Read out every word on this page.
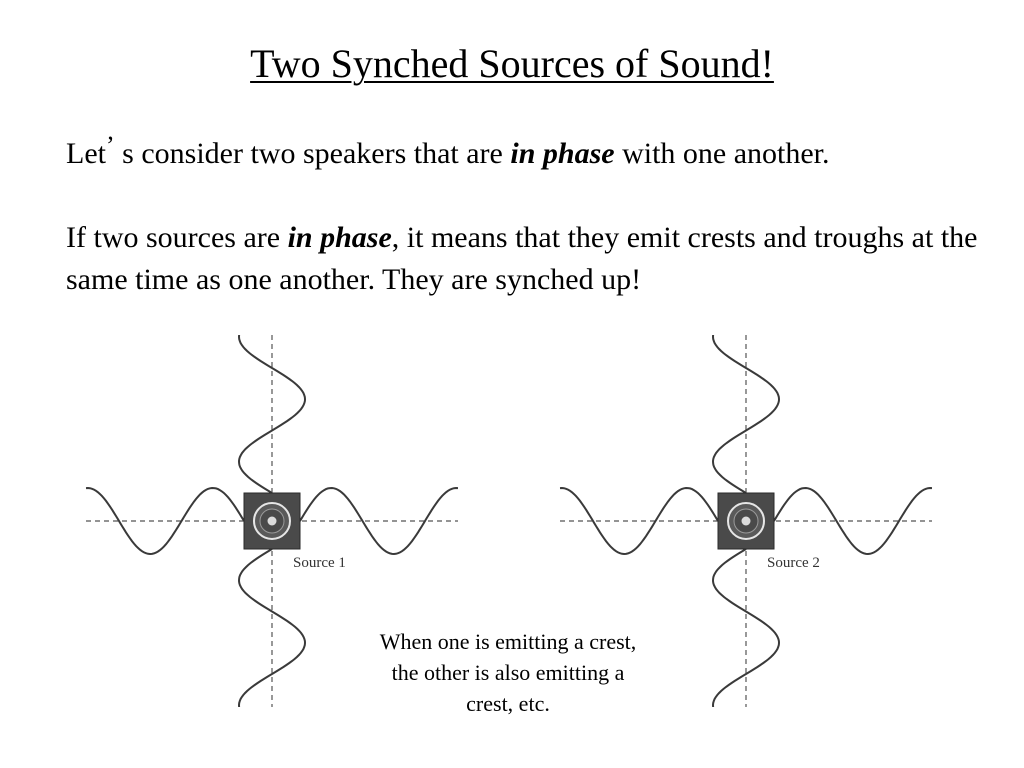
Two Synched Sources of Sound!

Let’ s consider two speakers that are in phase with one another.

If two sources are in phase, it means that they emit crests and troughs at the same time as one another. They are synched up!

Source 1	Source 2

When one is emitting a crest, the other is also emitting a crest, etc.
